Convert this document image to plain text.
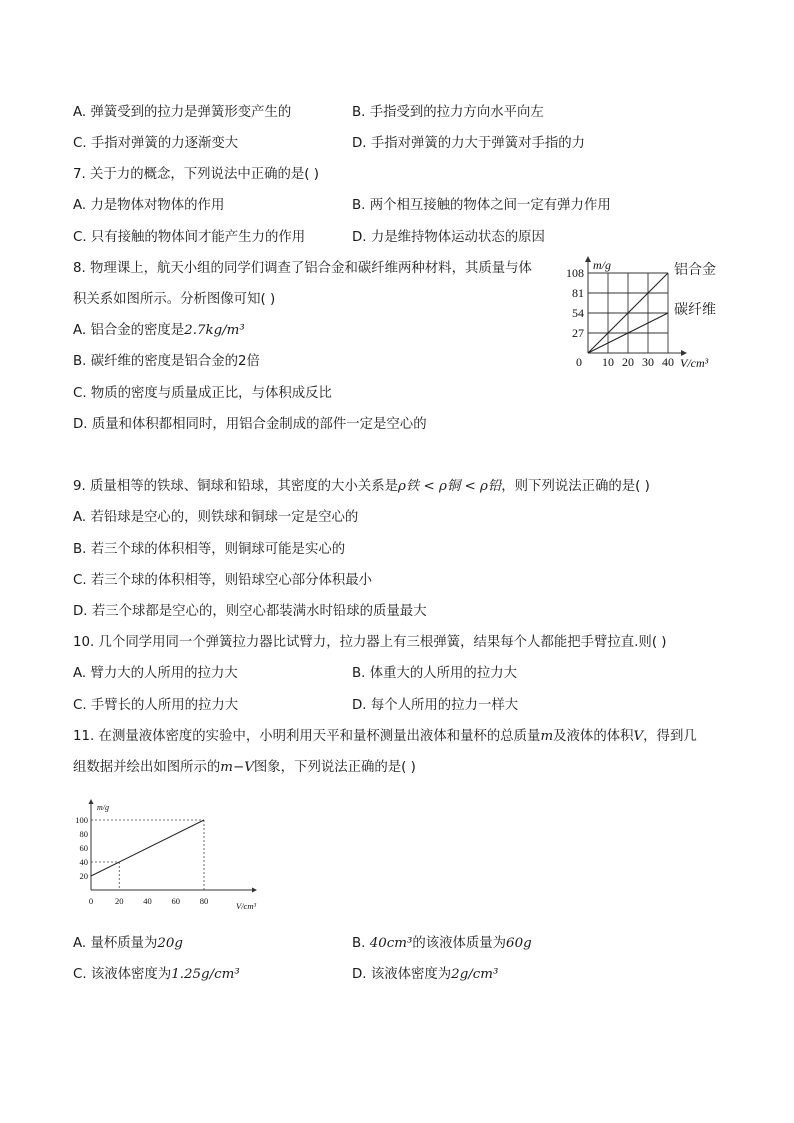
A. 弹簧受到的拉力是弹簧形变产生的	B. 手指受到的拉力方向水平向左
C. 手指对弹簧的力逐渐变大	D. 手指对弹簧的力大于弹簧对手指的力
7. 关于力的概念，下列说法中正确的是( )
A. 力是物体对物体的作用	B. 两个相互接触的物体之间一定有弹力作用
C. 只有接触的物体间才能产生力的作用	D. 力是维持物体运动状态的原因
8. 物理课上，航天小组的同学们调查了铝合金和碳纤维两种材料，其质量与体
积关系如图所示。分析图像可知( )
A. 铝合金的密度是2.7kg/m³
B. 碳纤维的密度是铝合金的2倍
C. 物质的密度与质量成正比，与体积成反比
D. 质量和体积都相同时，用铝合金制成的部件一定是空心的
0 10 20 30 40
27
54
81
108	铝合金
碳纤维
m/g
V/cm³
9. 质量相等的铁球、铜球和铅球，其密度的大小关系是ρ铁 < ρ铜 < ρ铅，则下列说法正确的是( )
A. 若铅球是空心的，则铁球和铜球一定是空心的
B. 若三个球的体积相等，则铜球可能是实心的
C. 若三个球的体积相等，则铅球空心部分体积最小
D. 若三个球都是空心的，则空心都装满水时铅球的质量最大
10. 几个同学用同一个弹簧拉力器比试臂力，拉力器上有三根弹簧，结果每个人都能把手臂拉直.则( )
A. 臂力大的人所用的拉力大	B. 体重大的人所用的拉力大
C. 手臂长的人所用的拉力大	D. 每个人所用的拉力一样大
11. 在测量液体密度的实验中，小明利用天平和量杯测量出液体和量杯的总质量m及液体的体积V，得到几
组数据并绘出如图所示的m−V图象，下列说法正确的是( )
0	20 40 60 80
20
40
60
80
100
m/g
V/cm³
A. 量杯质量为20g	B. 40cm³的该液体质量为60g
C. 该液体密度为1.25g/cm³	D. 该液体密度为2g/cm³
